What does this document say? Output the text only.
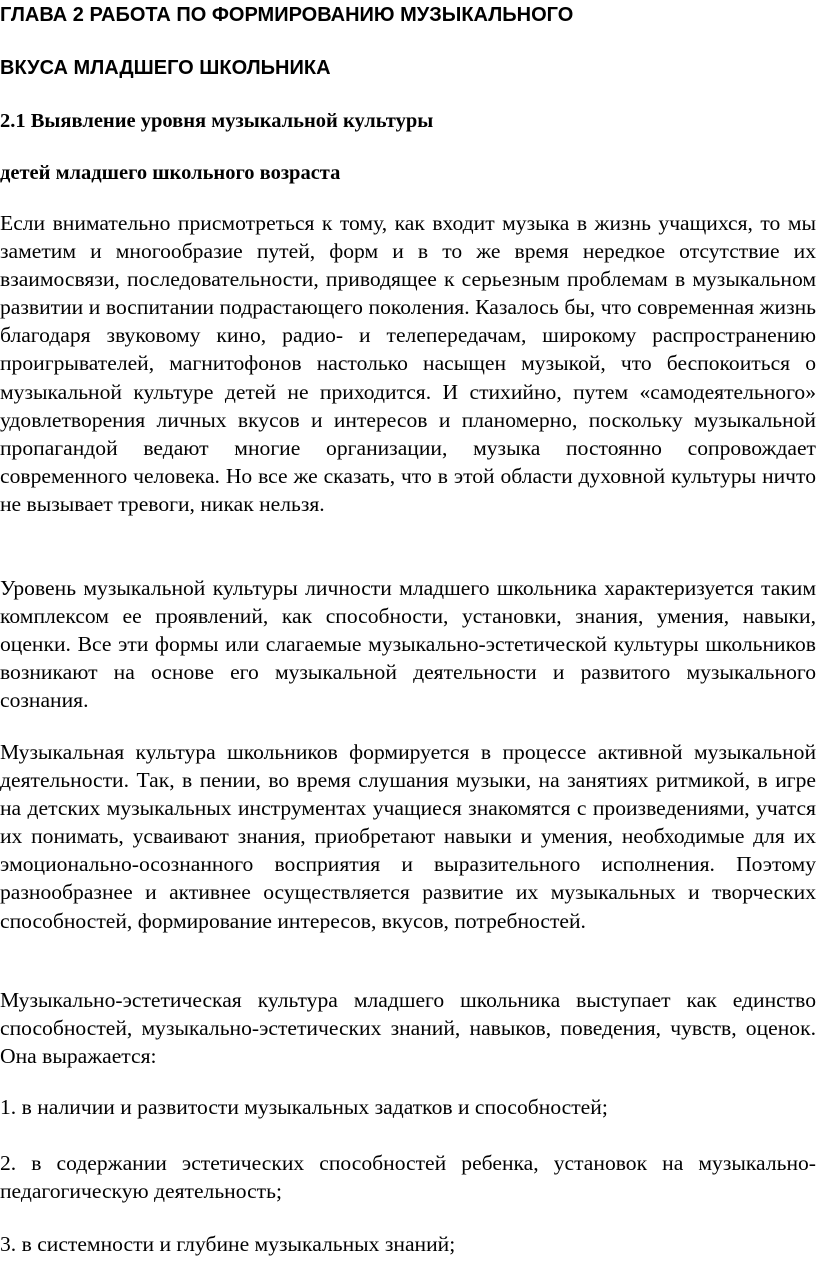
ГЛАВА 2 РАБОТА ПО ФОРМИРОВАНИЮ МУЗЫКАЛЬНОГО
ВКУСА МЛАДШЕГО ШКОЛЬНИКА
2.1 Выявление уровня музыкальной культуры
детей младшего школьного возраста

Если внимательно присмотреться к тому, как входит музыка в жизнь учащихся, то мы заметим и многообразие путей, форм и в то же время нередкое отсутствие их взаимосвязи, последовательности, приводящее к серьезным проблемам в музыкальном развитии и воспитании подрастающего поколения. Казалось бы, что современная жизнь благодаря звуковому кино, радио- и телепередачам, широкому распространению проигрывателей, магнитофонов настолько насыщен музыкой, что беспокоиться о музыкальной культуре детей не приходится. И стихийно, путем «самодеятельного» удовлетворения личных вкусов и интересов и планомерно, поскольку музыкальной пропагандой ведают многие организации, музыка постоянно сопровождает современного человека. Но все же сказать, что в этой области духовной культуры ничто не вызывает тревоги, никак нельзя.

Уровень музыкальной культуры личности младшего школьника характеризуется таким комплексом ее проявлений, как способности, установки, знания, умения, навыки, оценки. Все эти формы или слагаемые музыкально-эстетической культуры школьников возникают на основе его музыкальной деятельности и развитого музыкального сознания.

Музыкальная культура школьников формируется в процессе активной музыкальной деятельности. Так, в пении, во время слушания музыки, на занятиях ритмикой, в игре на детских музыкальных инструментах учащиеся знакомятся с произведениями, учатся их понимать, усваивают знания, приобретают навыки и умения, необходимые для их эмоционально-осознанного восприятия и выразительного исполнения. Поэтому разнообразнее и активнее осуществляется развитие их музыкальных и творческих способностей, формирование интересов, вкусов, потребностей.

Музыкально-эстетическая культура младшего школьника выступает как единство способностей, музыкально-эстетических знаний, навыков, поведения, чувств, оценок. Она выражается:

1. в наличии и развитости музыкальных задатков и способностей;

2. в содержании эстетических способностей ребенка, установок на музыкально-педагогическую деятельность;

3. в системности и глубине музыкальных знаний;
